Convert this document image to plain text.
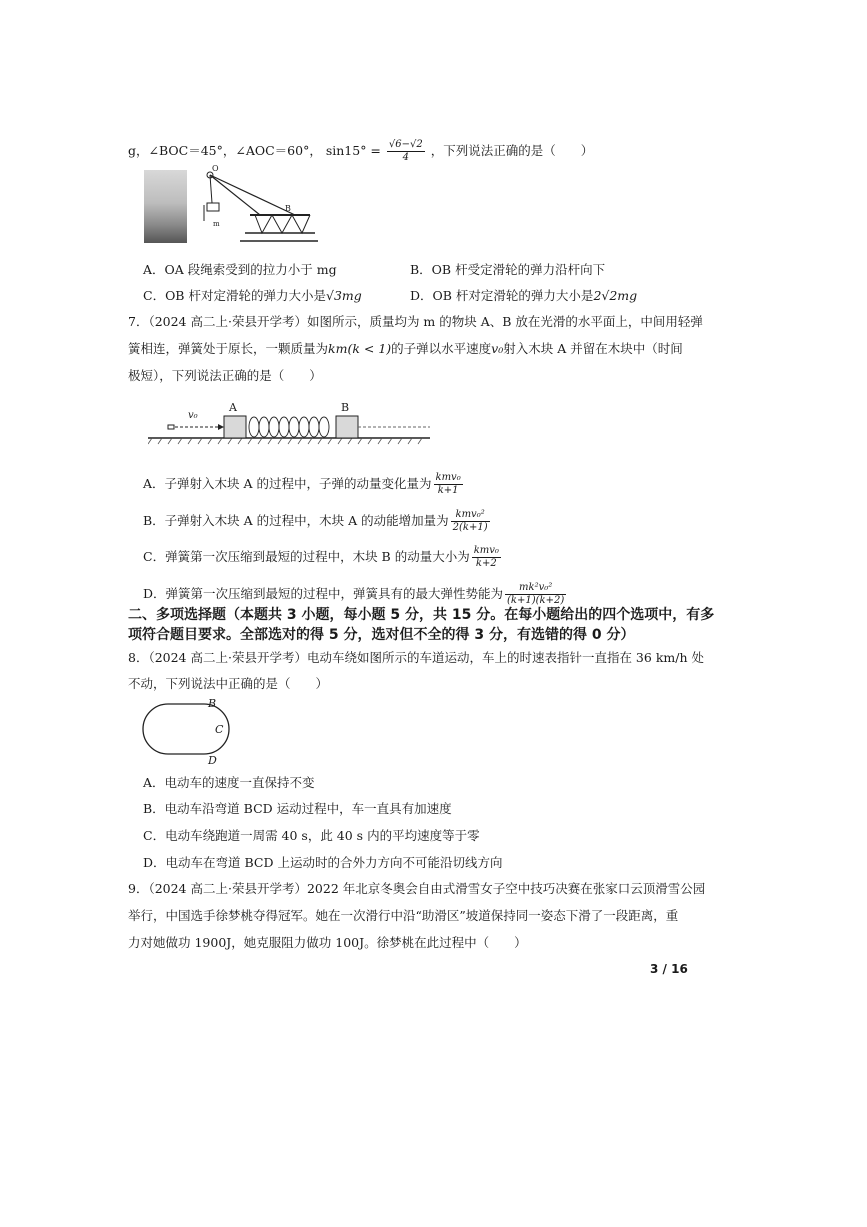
g，∠BOC＝45°，∠AOC＝60°， $\sin 15^\circ = \frac{√6-√2}{4}$ ，下列说法正确的是（　　）
O
B
m
A．OA 段绳索受到的拉力小于 mg	B．OB 杆受定滑轮的弹力沿杆向下
C．OB 杆对定滑轮的弹力大小是√3mg	D．OB 杆对定滑轮的弹力大小是2√2mg
7．（2024 高二上·荣县开学考）如图所示，质量均为 m 的物块 A、B 放在光滑的水平面上，中间用轻弹
簧相连，弹簧处于原长，一颗质量为km(k < 1)的子弹以水平速度v₀射入木块 A 并留在木块中（时间
极短），下列说法正确的是（　　）
v₀
A	B
A．子弹射入木块 A 的过程中，子弹的动量变化量为 $\frac{\text{kmv₀}}{k+1}$
B．子弹射入木块 A 的过程中，木块 A 的动能增加量为 $\frac{\text{kmv₀²}}{2(k+1)}$
C．弹簧第一次压缩到最短的过程中，木块 B 的动量大小为 $\frac{\text{kmv₀}}{k+2}$
D．弹簧第一次压缩到最短的过程中，弹簧具有的最大弹性势能为 $\frac{\text{mk²v₀²}}{(k+1)(k+2)}$
二、多项选择题（本题共 3 小题，每小题 5 分，共 15 分。在每小题给出的四个选项中，有多
项符合题目要求。全部选对的得 5 分，选对但不全的得 3 分，有选错的得 0 分）
8．（2024 高二上·荣县开学考）电动车绕如图所示的车道运动，车上的时速表指针一直指在 36 km/h 处
不动，下列说法中正确的是（　　）
B
C
D
A．电动车的速度一直保持不变
B．电动车沿弯道 BCD 运动过程中，车一直具有加速度
C．电动车绕跑道一周需 40 s，此 40 s 内的平均速度等于零
D．电动车在弯道 BCD 上运动时的合外力方向不可能沿切线方向
9．（2024 高二上·荣县开学考）2022 年北京冬奥会自由式滑雪女子空中技巧决赛在张家口云顶滑雪公园
举行，中国选手徐梦桃夺得冠军。她在一次滑行中沿“助滑区”坡道保持同一姿态下滑了一段距离，重
力对她做功 1900J，她克服阻力做功 100J。徐梦桃在此过程中（　　）
3 / 16
